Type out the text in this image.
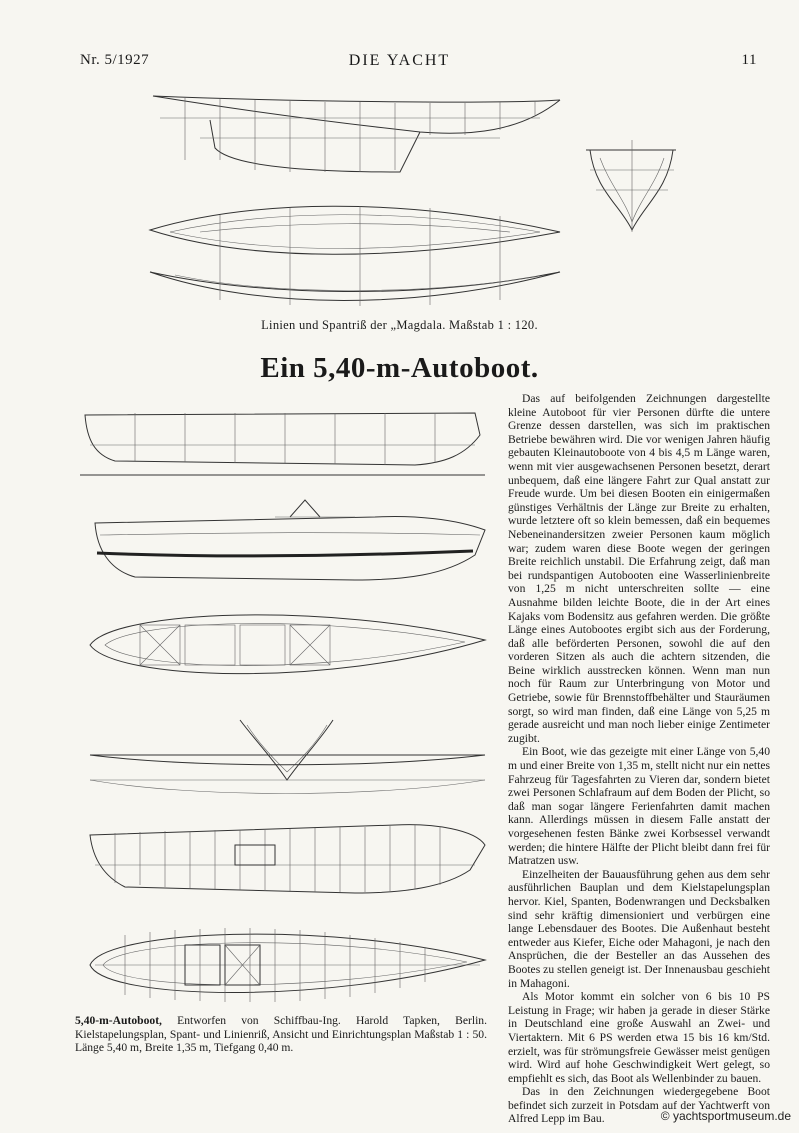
Nr. 5/1927	DIE YACHT	11
Linien und Spantriß der „Magdala. Maßstab 1 : 120.
Ein 5,40-m-Autoboot.

Das auf beifolgenden Zeichnungen dargestellte kleine Autoboot für vier Personen dürfte die untere Grenze dessen darstellen, was sich im praktischen Betriebe bewähren wird. Die vor wenigen Jahren häufig gebauten Kleinautoboote von 4 bis 4,5 m Länge waren, wenn mit vier ausgewachsenen Personen besetzt, derart unbequem, daß eine längere Fahrt zur Qual anstatt zur Freude wurde. Um bei diesen Booten ein einigermaßen günstiges Verhältnis der Länge zur Breite zu erhalten, wurde letztere oft so klein bemessen, daß ein bequemes Nebeneinandersitzen zweier Personen kaum möglich war; zudem waren diese Boote wegen der geringen Breite reichlich unstabil. Die Erfahrung zeigt, daß man bei rundspantigen Autobooten eine Wasserlinienbreite von 1,25 m nicht unterschreiten sollte — eine Ausnahme bilden leichte Boote, die in der Art eines Kajaks vom Bodensitz aus gefahren werden. Die größte Länge eines Autobootes ergibt sich aus der Forderung, daß alle beförderten Personen, sowohl die auf den vorderen Sitzen als auch die achtern sitzenden, die Beine wirklich ausstrecken können. Wenn man nun noch für Raum zur Unterbringung von Motor und Getriebe, sowie für Brennstoffbehälter und Stauräumen sorgt, so wird man finden, daß eine Länge von 5,25 m gerade ausreicht und man noch lieber einige Zentimeter zugibt.

Ein Boot, wie das gezeigte mit einer Länge von 5,40 m und einer Breite von 1,35 m, stellt nicht nur ein nettes Fahrzeug für Tagesfahrten zu Vieren dar, sondern bietet zwei Personen Schlafraum auf dem Boden der Plicht, so daß man sogar längere Ferienfahrten damit machen kann. Allerdings müssen in diesem Falle anstatt der vorgesehenen festen Bänke zwei Korbsessel verwandt werden; die hintere Hälfte der Plicht bleibt dann frei für Matratzen usw.

Einzelheiten der Bauausführung gehen aus dem sehr ausführlichen Bauplan und dem Kielstapelungsplan hervor. Kiel, Spanten, Bodenwrangen und Decksbalken sind sehr kräftig dimensioniert und verbürgen eine lange Lebensdauer des Bootes. Die Außenhaut besteht entweder aus Kiefer, Eiche oder Mahagoni, je nach den Ansprüchen, die der Besteller an das Aussehen des Bootes zu stellen geneigt ist. Der Innenausbau geschieht in Mahagoni.

Als Motor kommt ein solcher von 6 bis 10 PS Leistung in Frage; wir haben ja gerade in dieser Stärke in Deutschland eine große Auswahl an Zwei- und Viertaktern. Mit 6 PS werden etwa 15 bis 16 km/Std. erzielt, was für strömungsfreie Gewässer meist genügen wird. Wird auf hohe Geschwindigkeit Wert gelegt, so empfiehlt es sich, das Boot als Wellenbinder zu bauen.

Das in den Zeichnungen wiedergegebene Boot befindet sich zurzeit in Potsdam auf der Yachtwerft von Alfred Lepp im Bau.

5,40-m-Autoboot, Entworfen von Schiffbau-Ing. Harold Tapken, Berlin. Kielstapelungsplan, Spant- und Linienriß, Ansicht und Einrichtungsplan Maßstab 1 : 50. Länge 5,40 m, Breite 1,35 m, Tiefgang 0,40 m.
© yachtsportmuseum.de
